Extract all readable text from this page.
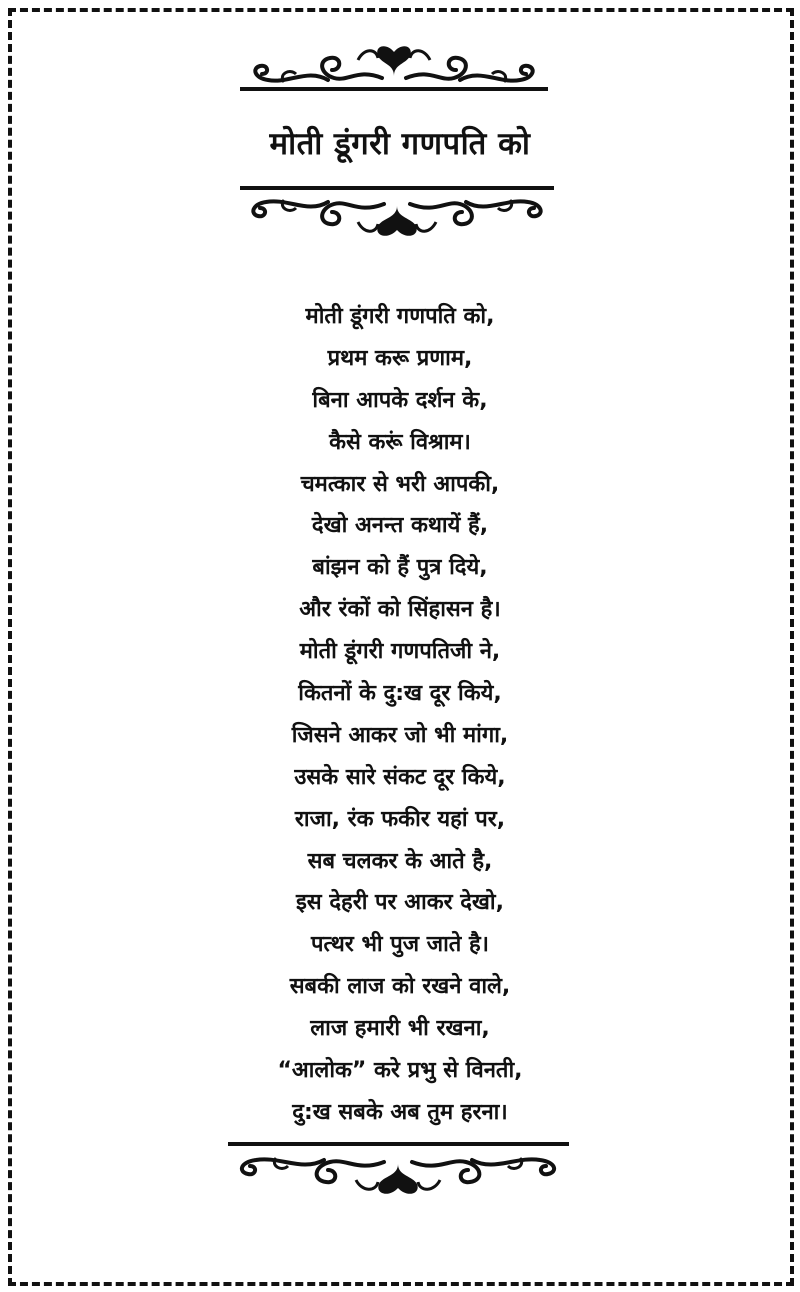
मोती डूंगरी गणपति को
मोती डूंगरी गणपति को,
प्रथम करू प्रणाम,
बिना आपके दर्शन के,
कैसे करूं विश्राम।
चमत्कार से भरी आपकी,
देखो अनन्त कथायें हैं,
बांझन को हैं पुत्र दिये,
और रंकों को सिंहासन है।
मोती डूंगरी गणपतिजी ने,
कितनों के दु:ख दूर किये,
जिसने आकर जो भी मांगा,
उसके सारे संकट दूर किये,
राजा, रंक फकीर यहां पर,
सब चलकर के आते है,
इस देहरी पर आकर देखो,
पत्थर भी पुज जाते है।
सबकी लाज को रखने वाले,
लाज हमारी भी रखना,
“आलोक” करे प्रभु से विनती,
दु:ख सबके अब तुम हरना।
